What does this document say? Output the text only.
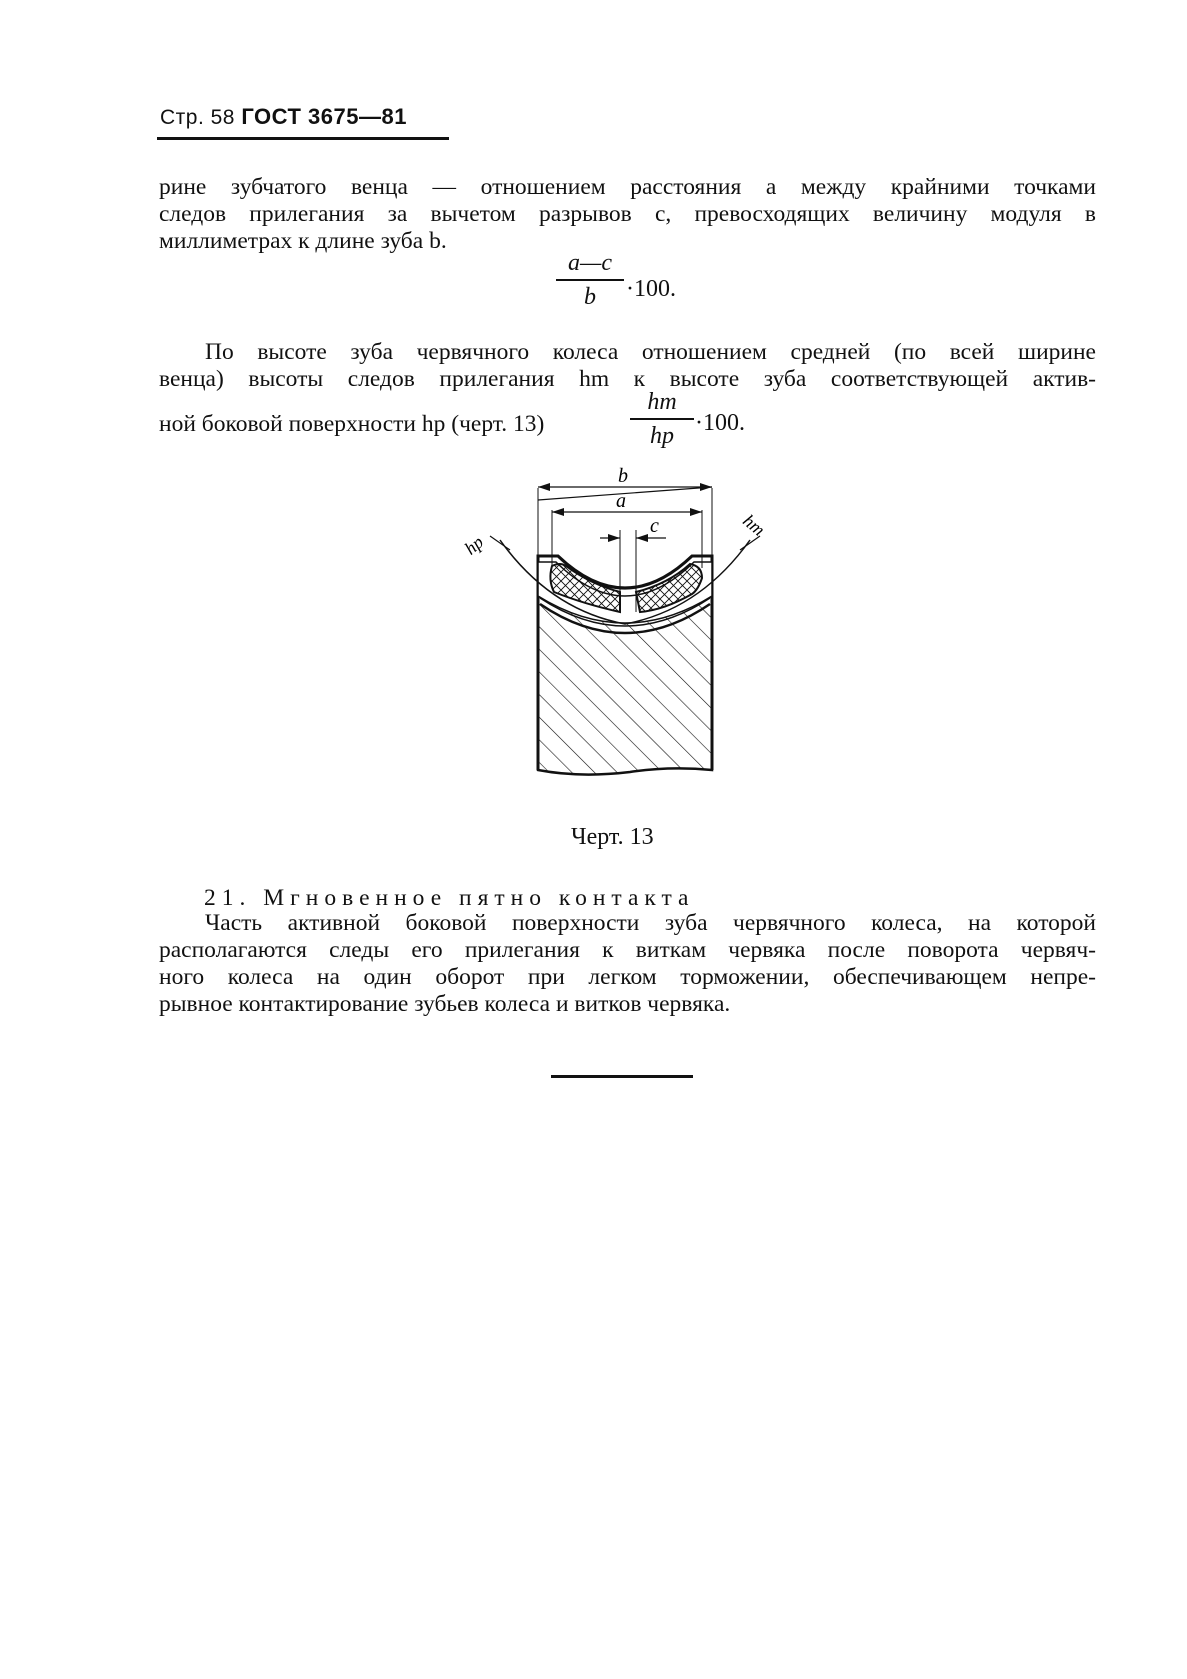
Стр. 58 ГОСТ 3675—81
рине зубчатого венца — отношением расстояния a между крайними точками
следов прилегания за вычетом разрывов c, превосходящих величину модуля в
миллиметрах к длине зуба b.
a—c
b ·100.
По высоте зуба червячного колеса отношением средней (по всей ширине
венца) высоты следов прилегания hm к высоте зуба соответствующей актив-
ной боковой поверхности hp (черт. 13)
hm
hp ·100.
b
a
c
hp
hm
Черт. 13
21. Мгновенное пятно контакта
Часть активной боковой поверхности зуба червячного колеса, на которой
располагаются следы его прилегания к виткам червяка после поворота червяч-
ного колеса на один оборот при легком торможении, обеспечивающем непре-
рывное контактирование зубьев колеса и витков червяка.
